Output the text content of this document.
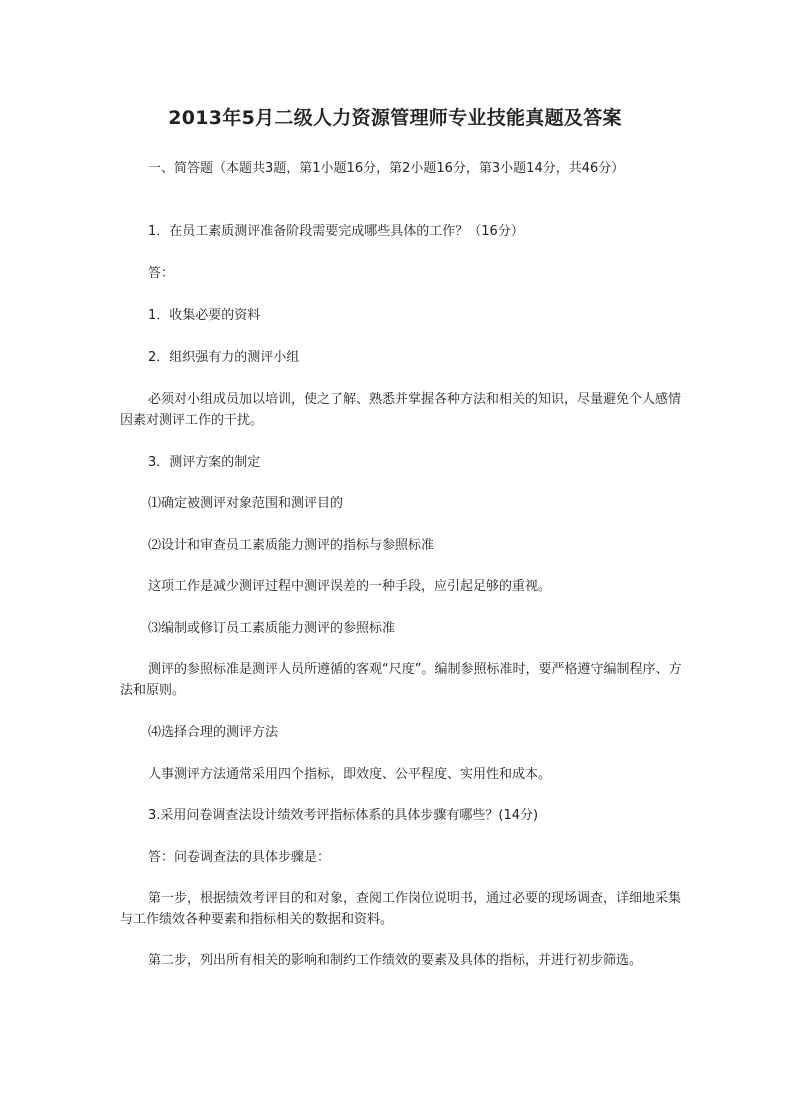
2013年5月二级人力资源管理师专业技能真题及答案
一、简答题（本题共3题，第1小题16分，第2小题16分，第3小题14分，共46分）
1．在员工素质测评准备阶段需要完成哪些具体的工作？（16分）
答：
1．收集必要的资料
2．组织强有力的测评小组
必须对小组成员加以培训，使之了解、熟悉并掌握各种方法和相关的知识，尽量避免个人感情因素对测评工作的干扰。
3．测评方案的制定
⑴确定被测评对象范围和测评目的
⑵设计和审查员工素质能力测评的指标与参照标准
这项工作是减少测评过程中测评误差的一种手段，应引起足够的重视。
⑶编制或修订员工素质能力测评的参照标准
测评的参照标准是测评人员所遵循的客观“尺度”。编制参照标准时，要严格遵守编制程序、方法和原则。
⑷选择合理的测评方法
人事测评方法通常采用四个指标，即效度、公平程度、实用性和成本。
3.采用问卷调查法设计绩效考评指标体系的具体步骤有哪些？(14分)
答：问卷调查法的具体步骤是：
第一步，根据绩效考评目的和对象，查阅工作岗位说明书，通过必要的现场调查，详细地采集与工作绩效各种要素和指标相关的数据和资料。
第二步，列出所有相关的影响和制约工作绩效的要素及具体的指标，并进行初步筛选。
